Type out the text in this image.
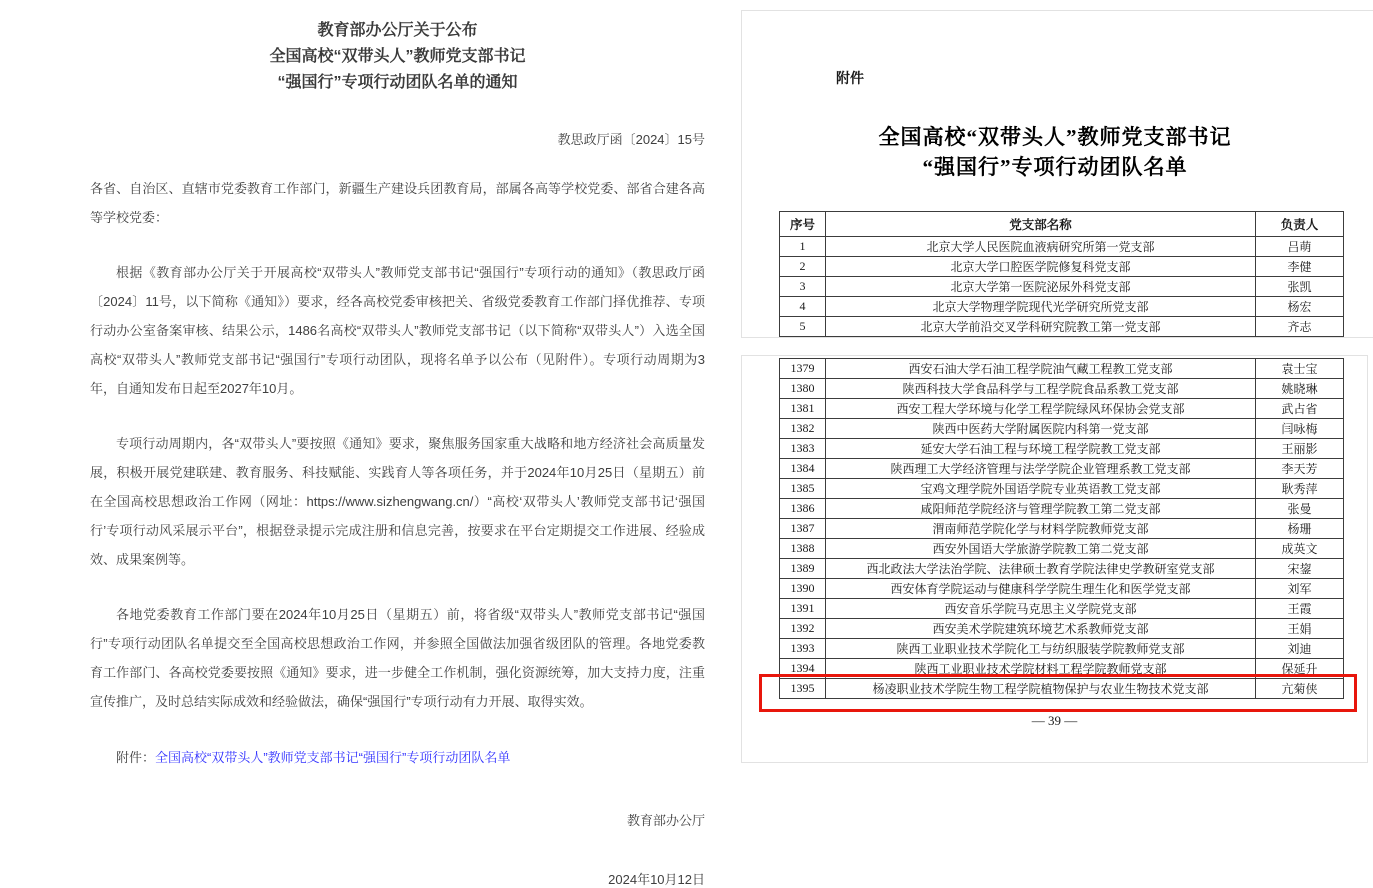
教育部办公厅关于公布
全国高校“双带头人”教师党支部书记
“强国行”专项行动团队名单的通知
教思政厅函〔2024〕15号

各省、自治区、直辖市党委教育工作部门，新疆生产建设兵团教育局，部属各高等学校党委、部省合建各高等学校党委：

根据《教育部办公厅关于开展高校“双带头人”教师党支部书记“强国行”专项行动的通知》（教思政厅函〔2024〕11号，以下简称《通知》）要求，经各高校党委审核把关、省级党委教育工作部门择优推荐、专项行动办公室备案审核、结果公示，1486名高校“双带头人”教师党支部书记（以下简称“双带头人”）入选全国高校“双带头人”教师党支部书记“强国行”专项行动团队，现将名单予以公布（见附件）。专项行动周期为3年，自通知发布日起至2027年10月。

专项行动周期内，各“双带头人”要按照《通知》要求，聚焦服务国家重大战略和地方经济社会高质量发展，积极开展党建联建、教育服务、科技赋能、实践育人等各项任务，并于2024年10月25日（星期五）前在全国高校思想政治工作网（网址：https://www.sizhengwang.cn/）“高校‘双带头人’教师党支部书记‘强国行’专项行动风采展示平台”，根据登录提示完成注册和信息完善，按要求在平台定期提交工作进展、经验成效、成果案例等。

各地党委教育工作部门要在2024年10月25日（星期五）前，将省级“双带头人”教师党支部书记“强国行”专项行动团队名单提交至全国高校思想政治工作网，并参照全国做法加强省级团队的管理。各地党委教育工作部门、各高校党委要按照《通知》要求，进一步健全工作机制，强化资源统筹，加大支持力度，注重宣传推广，及时总结实际成效和经验做法，确保“强国行”专项行动有力开展、取得实效。

附件：全国高校“双带头人”教师党支部书记“强国行”专项行动团队名单
教育部办公厅
2024年10月12日
附件
全国高校“双带头人”教师党支部书记
“强国行”专项行动团队名单
序号	党支部名称	负责人
1	北京大学人民医院血液病研究所第一党支部	吕萌
2	北京大学口腔医学院修复科党支部	李健
3	北京大学第一医院泌尿外科党支部	张凯
4	北京大学物理学院现代光学研究所党支部	杨宏
5	北京大学前沿交叉学科研究院教工第一党支部	齐志
1379	西安石油大学石油工程学院油气藏工程教工党支部	袁士宝
1380	陕西科技大学食品科学与工程学院食品系教工党支部	姚晓琳
1381	西安工程大学环境与化学工程学院绿风环保协会党支部	武占省
1382	陕西中医药大学附属医院内科第一党支部	闫咏梅
1383	延安大学石油工程与环境工程学院教工党支部	王丽影
1384	陕西理工大学经济管理与法学学院企业管理系教工党支部	李天芳
1385	宝鸡文理学院外国语学院专业英语教工党支部	耿秀萍
1386	咸阳师范学院经济与管理学院教工第二党支部	张曼
1387	渭南师范学院化学与材料学院教师党支部	杨珊
1388	西安外国语大学旅游学院教工第二党支部	成英文
1389	西北政法大学法治学院、法律硕士教育学院法律史学教研室党支部	宋鋆
1390	西安体育学院运动与健康科学学院生理生化和医学党支部	刘军
1391	西安音乐学院马克思主义学院党支部	王霞
1392	西安美术学院建筑环境艺术系教师党支部	王娟
1393	陕西工业职业技术学院化工与纺织服装学院教师党支部	刘迪
1394	陕西工业职业技术学院材料工程学院教师党支部	保延升
1395	杨凌职业技术学院生物工程学院植物保护与农业生物技术党支部	亢菊侠
— 39 —
